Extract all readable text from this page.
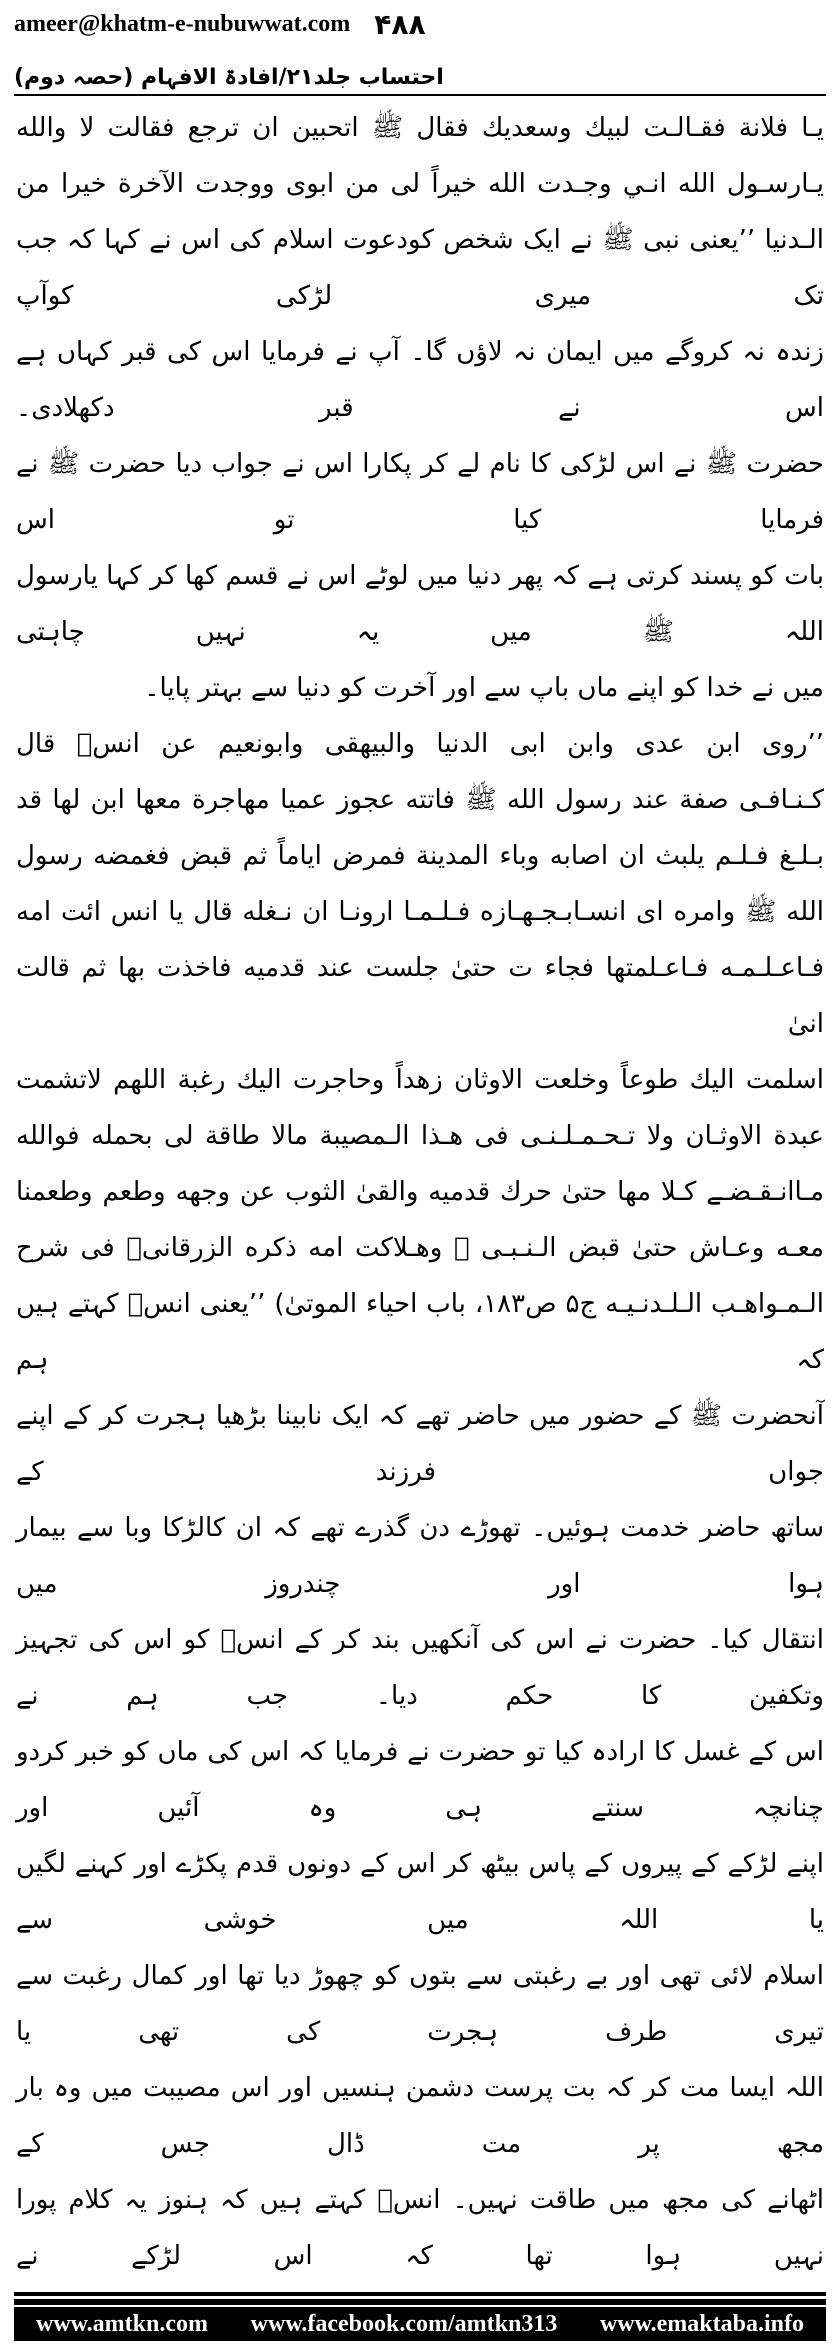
ameer@khatm-e-nubuwwat.com ۴۸۸
احتساب جلد۲۱/افادۃ الافہام (حصہ دوم)
یـا فلانة فقـالـت لبيك وسعديك فقال ﷺ اتحبين ان ترجع فقالت لا والله
یـارسـول الله انـي وجـدت الله خيراً لی من ابوی ووجدت الآخرة خيرا من
الـدنيا ’’یعنی نبی ﷺ نے ایک شخص کودعوت اسلام کی اس نے کہا کہ جب تک میری لڑکی کوآپ
زندہ نہ کروگے میں ایمان نہ لاؤں گا۔ آپ نے فرمایا اس کی قبر کہاں ہے اس نے قبر دکھلادی۔
حضرت ﷺ نے اس لڑکی کا نام لے کر پکارا اس نے جواب دیا حضرت ﷺ نے فرمایا کیا تو اس
بات کو پسند کرتی ہے کہ پھر دنیا میں لوٹے اس نے قسم کھا کر کہا یارسول اللہ ﷺ میں یہ نہیں چاہتی
میں نے خدا کو اپنے ماں باپ سے اور آخرت کو دنیا سے بہتر پایا۔
’’روی ابن عدی وابن ابی الدنيا والبيهقی وابونعيم عن انسؓ قال
كـنـافـی صفة عند رسول الله ﷺ فاتته عجوز عميا مهاجرة معها ابن لها قد
بـلـغ فـلـم يلبث ان اصابه وباء المدينة فمرض اياماً ثم قبض فغمضه رسول
الله ﷺ وامره ای انسـابـجـهـازه فـلـمـا ارونـا ان نـغله قال يا انس ائت امه
فـاعـلـمـه فـاعـلمتها فجاء ت حتیٰ جلست عند قدميه فاخذت بها ثم قالت انیٰ
اسلمت اليك طوعاً وخلعت الاوثان زهداً وحاجرت اليك رغبة اللهم لاتشمت
عبدة الاوثـان ولا تـحـمـلـنـی فی هـذا الـمصيبة مالا طاقة لی بحمله فوالله
مـاانـقـضـے كـلا مها حتیٰ حرك قدميه والقیٰ الثوب عن وجهه وطعم وطعمنا
معـه وعـاش حتیٰ قبض الـنـبـی ﷺ وهـلاكت امه ذكره الزرقانیؒ فی شرح
الـمـواهـب الـلـدنـيـه ج۵ ص۱۸۳، باب احياء الموتیٰ) ’’یعنی انسؓ کہتے ہیں کہ ہم
آنحضرت ﷺ کے حضور میں حاضر تھے کہ ایک نابینا بڑھیا ہجرت کر کے اپنے جواں فرزند کے
ساتھ حاضر خدمت ہوئیں۔ تھوڑے دن گذرے تھے کہ ان کالڑکا وبا سے بیمار ہوا اور چندروز میں
انتقال کیا۔ حضرت نے اس کی آنکھیں بند کر کے انسؓ کو اس کی تجہیز وتکفین کا حکم دیا۔ جب ہم نے
اس کے غسل کا ارادہ کیا تو حضرت نے فرمایا کہ اس کی ماں کو خبر کردو چنانچہ سنتے ہی وہ آئیں اور
اپنے لڑکے کے پیروں کے پاس بیٹھ کر اس کے دونوں قدم پکڑے اور کہنے لگیں یا اللہ میں خوشی سے
اسلام لائی تھی اور بے رغبتی سے بتوں کو چھوڑ دیا تھا اور کمال رغبت سے تیری طرف ہجرت کی تھی یا
اللہ ایسا مت کر کہ بت پرست دشمن ہنسیں اور اس مصیبت میں وہ بار مجھ پر مت ڈال جس کے
اٹھانے کی مجھ میں طاقت نہیں۔ انسؓ کہتے ہیں کہ ہنوز یہ کلام پورا نہیں ہوا تھا کہ اس لڑکے نے
www.amtkn.com www.facebook.com/amtkn313 www.emaktaba.info
